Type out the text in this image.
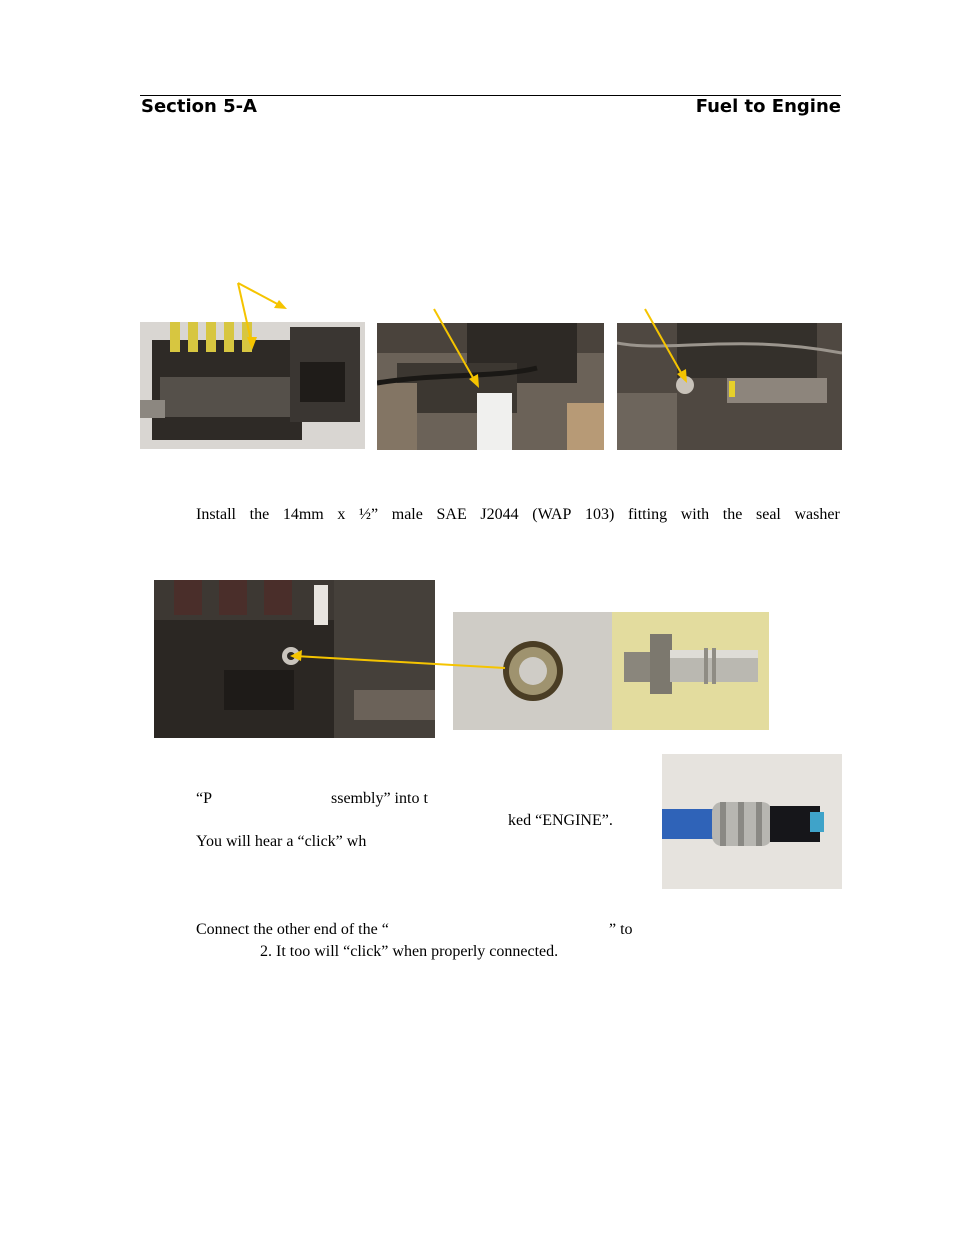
Section 5-A	Fuel to Engine
Install the 14mm x ½” male SAE J2044 (WAP 103) fitting with the seal washer
“P	ssembly” into t
ked “ENGINE”.
You will hear a “click” wh
Connect the other end of the “	” to
2. It too will “click” when properly connected.
